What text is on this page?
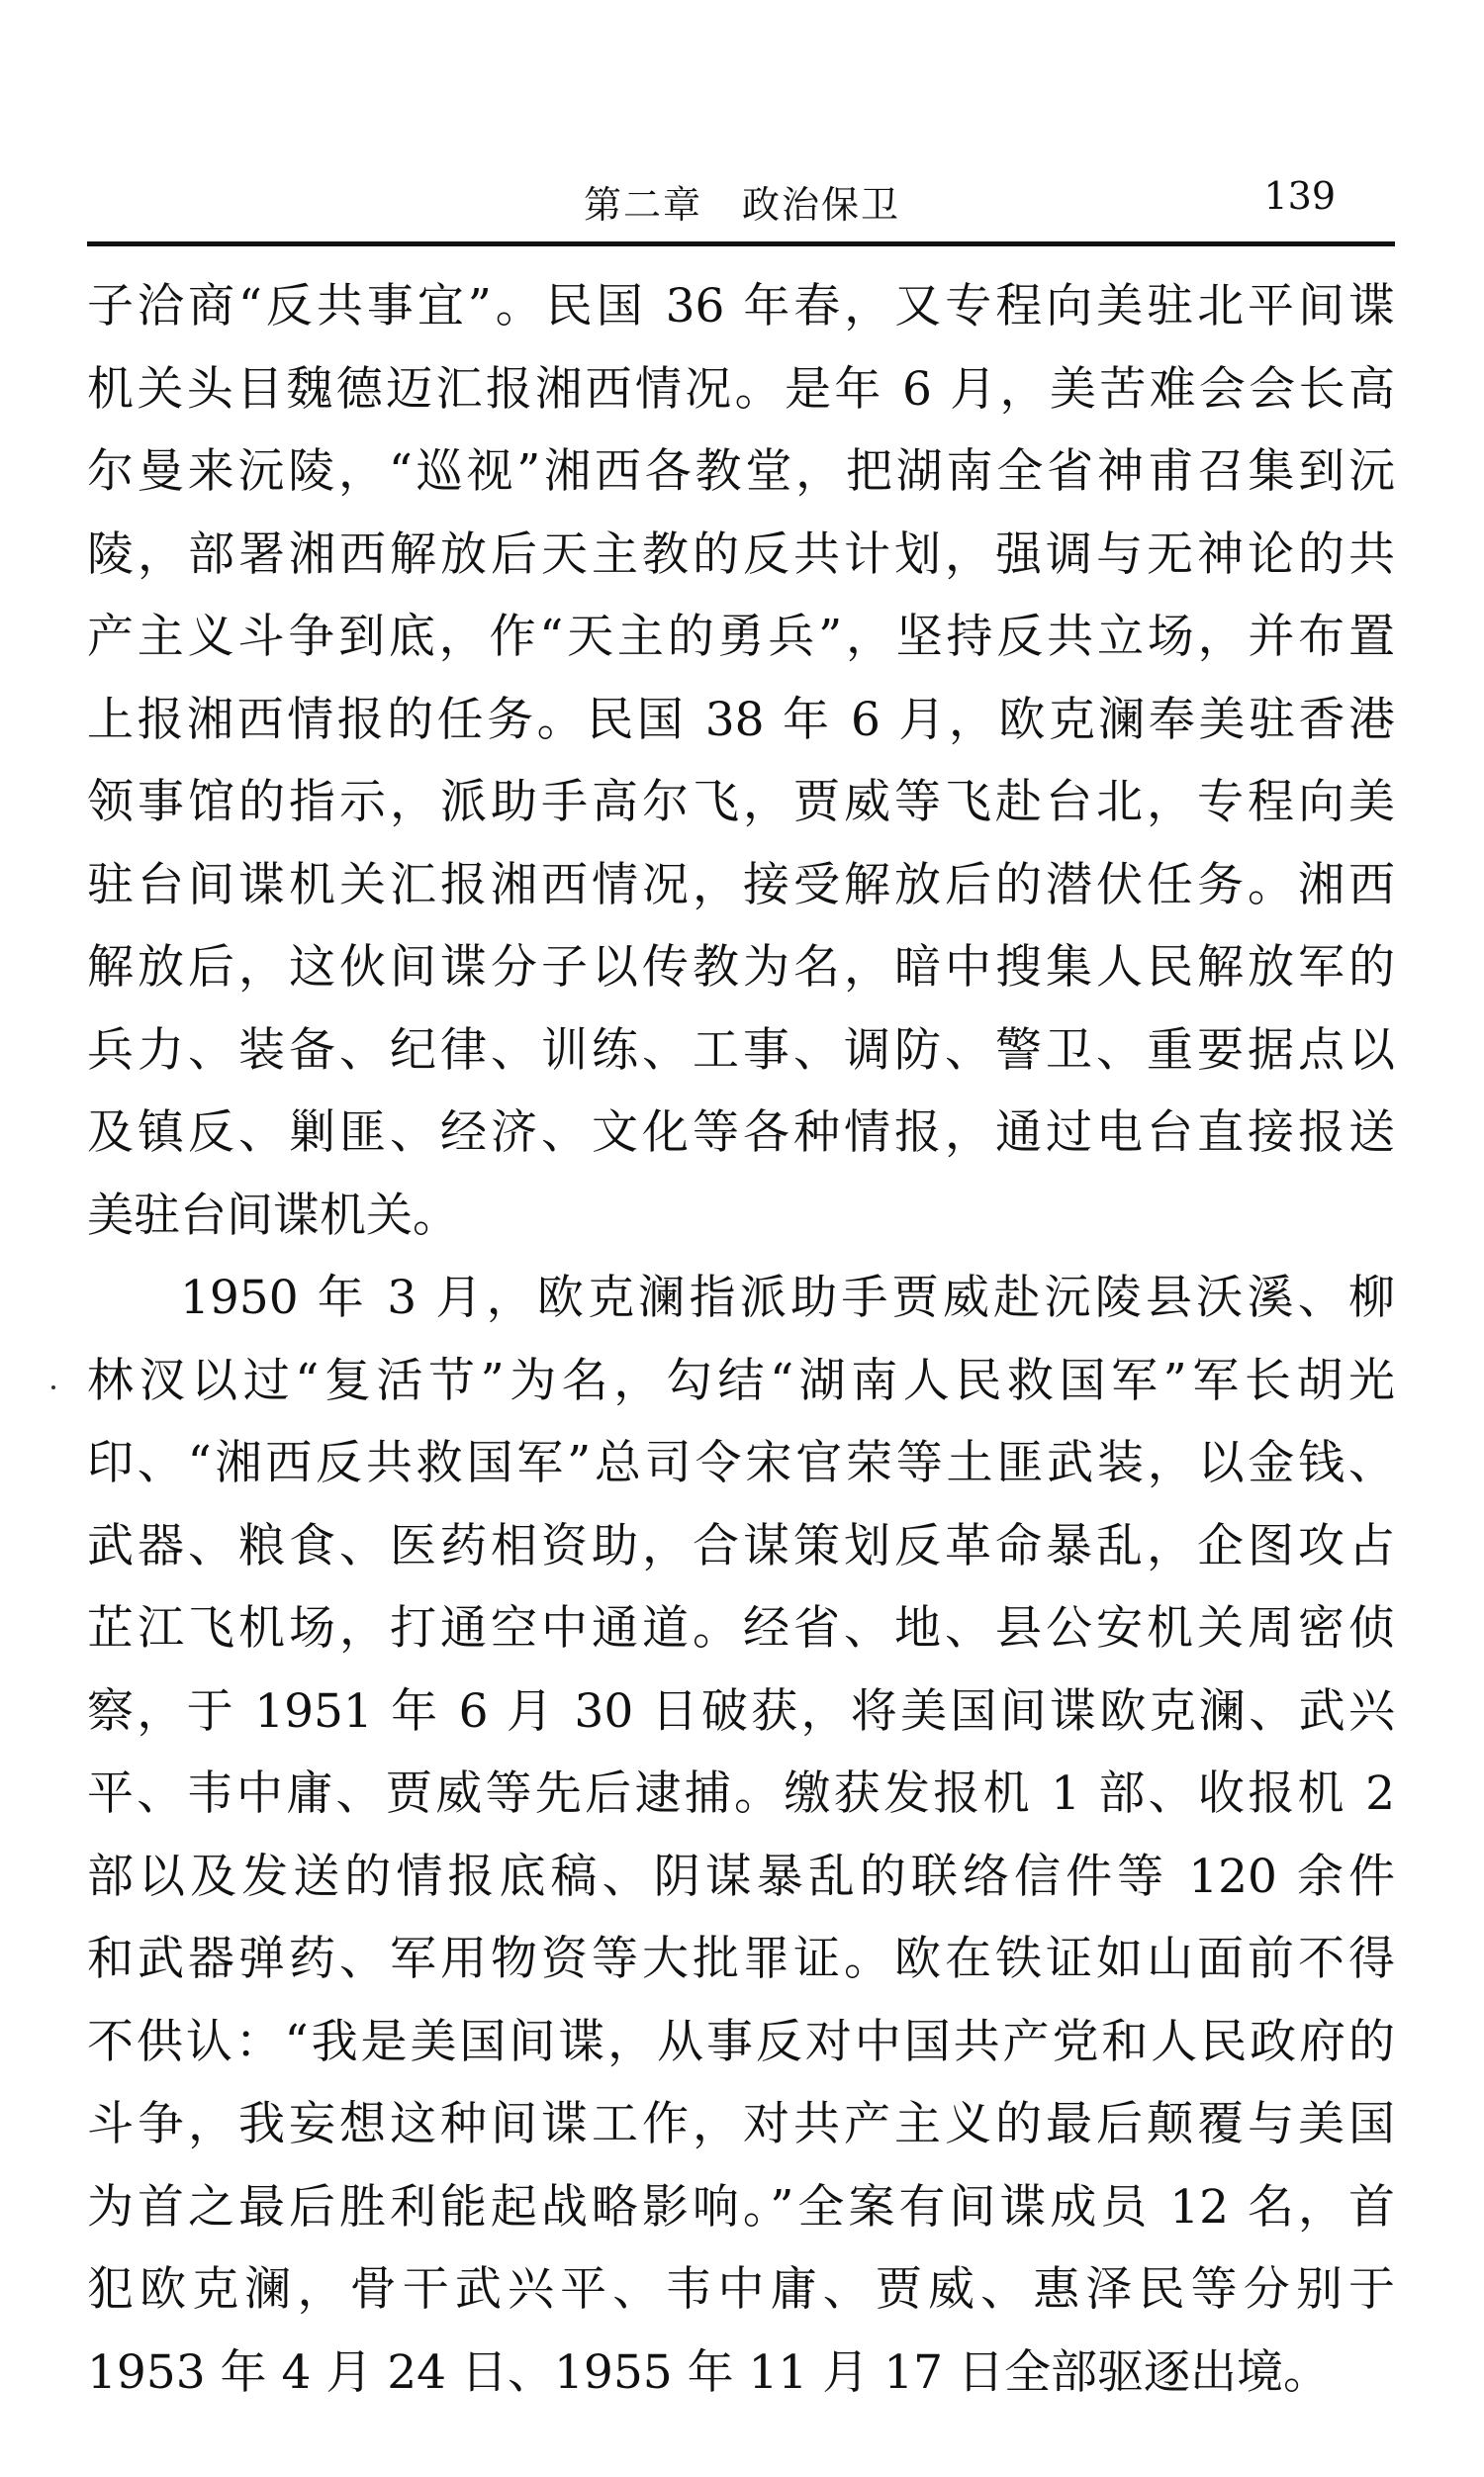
第二章　政治保卫	139
子洽商“反共事宜”。民国 36 年春，又专程向美驻北平间谍
机关头目魏德迈汇报湘西情况。是年 6 月，美苦难会会长高
尔曼来沅陵，“巡视”湘西各教堂，把湖南全省神甫召集到沅
陵，部署湘西解放后天主教的反共计划，强调与无神论的共
产主义斗争到底，作“天主的勇兵”，坚持反共立场，并布置
上报湘西情报的任务。民国 38 年 6 月，欧克澜奉美驻香港
领事馆的指示，派助手高尔飞，贾威等飞赴台北，专程向美
驻台间谍机关汇报湘西情况，接受解放后的潜伏任务。湘西
解放后，这伙间谍分子以传教为名，暗中搜集人民解放军的
兵力、装备、纪律、训练、工事、调防、警卫、重要据点以
及镇反、剿匪、经济、文化等各种情报，通过电台直接报送
美驻台间谍机关。
1950 年 3 月，欧克澜指派助手贾威赴沅陵县沃溪、柳
林汊以过“复活节”为名，勾结“湖南人民救国军”军长胡光
印、“湘西反共救国军”总司令宋官荣等土匪武装，以金钱、
武器、粮食、医药相资助，合谋策划反革命暴乱，企图攻占
芷江飞机场，打通空中通道。经省、地、县公安机关周密侦
察，于 1951 年 6 月 30 日破获，将美国间谍欧克澜、武兴
平、韦中庸、贾威等先后逮捕。缴获发报机 1 部、收报机 2
部以及发送的情报底稿、阴谋暴乱的联络信件等 120 余件
和武器弹药、军用物资等大批罪证。欧在铁证如山面前不得
不供认：“我是美国间谍，从事反对中国共产党和人民政府的
斗争，我妄想这种间谍工作，对共产主义的最后颠覆与美国
为首之最后胜利能起战略影响。”全案有间谍成员 12 名，首
犯欧克澜，骨干武兴平、韦中庸、贾威、惠泽民等分别于
1953 年 4 月 24 日、1955 年 11 月 17 日全部驱逐出境。
